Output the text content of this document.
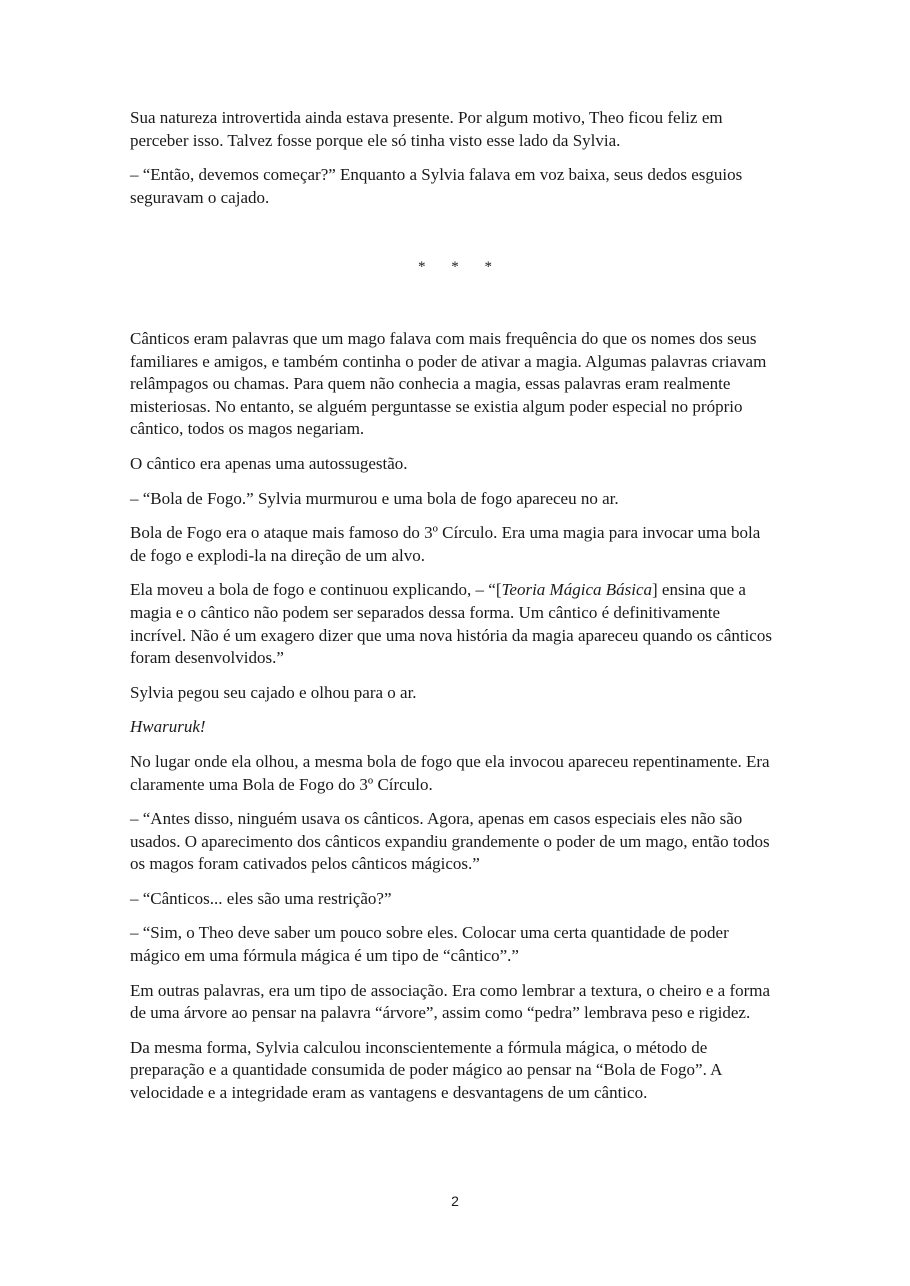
Sua natureza introvertida ainda estava presente. Por algum motivo, Theo ficou feliz em perceber isso. Talvez fosse porque ele só tinha visto esse lado da Sylvia.

– “Então, devemos começar?” Enquanto a Sylvia falava em voz baixa, seus dedos esguios seguravam o cajado.

* * *

Cânticos eram palavras que um mago falava com mais frequência do que os nomes dos seus familiares e amigos, e também continha o poder de ativar a magia. Algumas palavras criavam relâmpagos ou chamas. Para quem não conhecia a magia, essas palavras eram realmente misteriosas. No entanto, se alguém perguntasse se existia algum poder especial no próprio cântico, todos os magos negariam.

O cântico era apenas uma autossugestão.

– “Bola de Fogo.” Sylvia murmurou e uma bola de fogo apareceu no ar.

Bola de Fogo era o ataque mais famoso do 3º Círculo. Era uma magia para invocar uma bola de fogo e explodi-la na direção de um alvo.

Ela moveu a bola de fogo e continuou explicando, – “[Teoria Mágica Básica] ensina que a magia e o cântico não podem ser separados dessa forma. Um cântico é definitivamente incrível. Não é um exagero dizer que uma nova história da magia apareceu quando os cânticos foram desenvolvidos.”

Sylvia pegou seu cajado e olhou para o ar.

Hwaruruk!

No lugar onde ela olhou, a mesma bola de fogo que ela invocou apareceu repentinamente. Era claramente uma Bola de Fogo do 3º Círculo.

– “Antes disso, ninguém usava os cânticos. Agora, apenas em casos especiais eles não são usados. O aparecimento dos cânticos expandiu grandemente o poder de um mago, então todos os magos foram cativados pelos cânticos mágicos.”

– “Cânticos... eles são uma restrição?”

– “Sim, o Theo deve saber um pouco sobre eles. Colocar uma certa quantidade de poder mágico em uma fórmula mágica é um tipo de “cântico”.”

Em outras palavras, era um tipo de associação. Era como lembrar a textura, o cheiro e a forma de uma árvore ao pensar na palavra “árvore”, assim como “pedra” lembrava peso e rigidez.

Da mesma forma, Sylvia calculou inconscientemente a fórmula mágica, o método de preparação e a quantidade consumida de poder mágico ao pensar na “Bola de Fogo”. A velocidade e a integridade eram as vantagens e desvantagens de um cântico.

2
